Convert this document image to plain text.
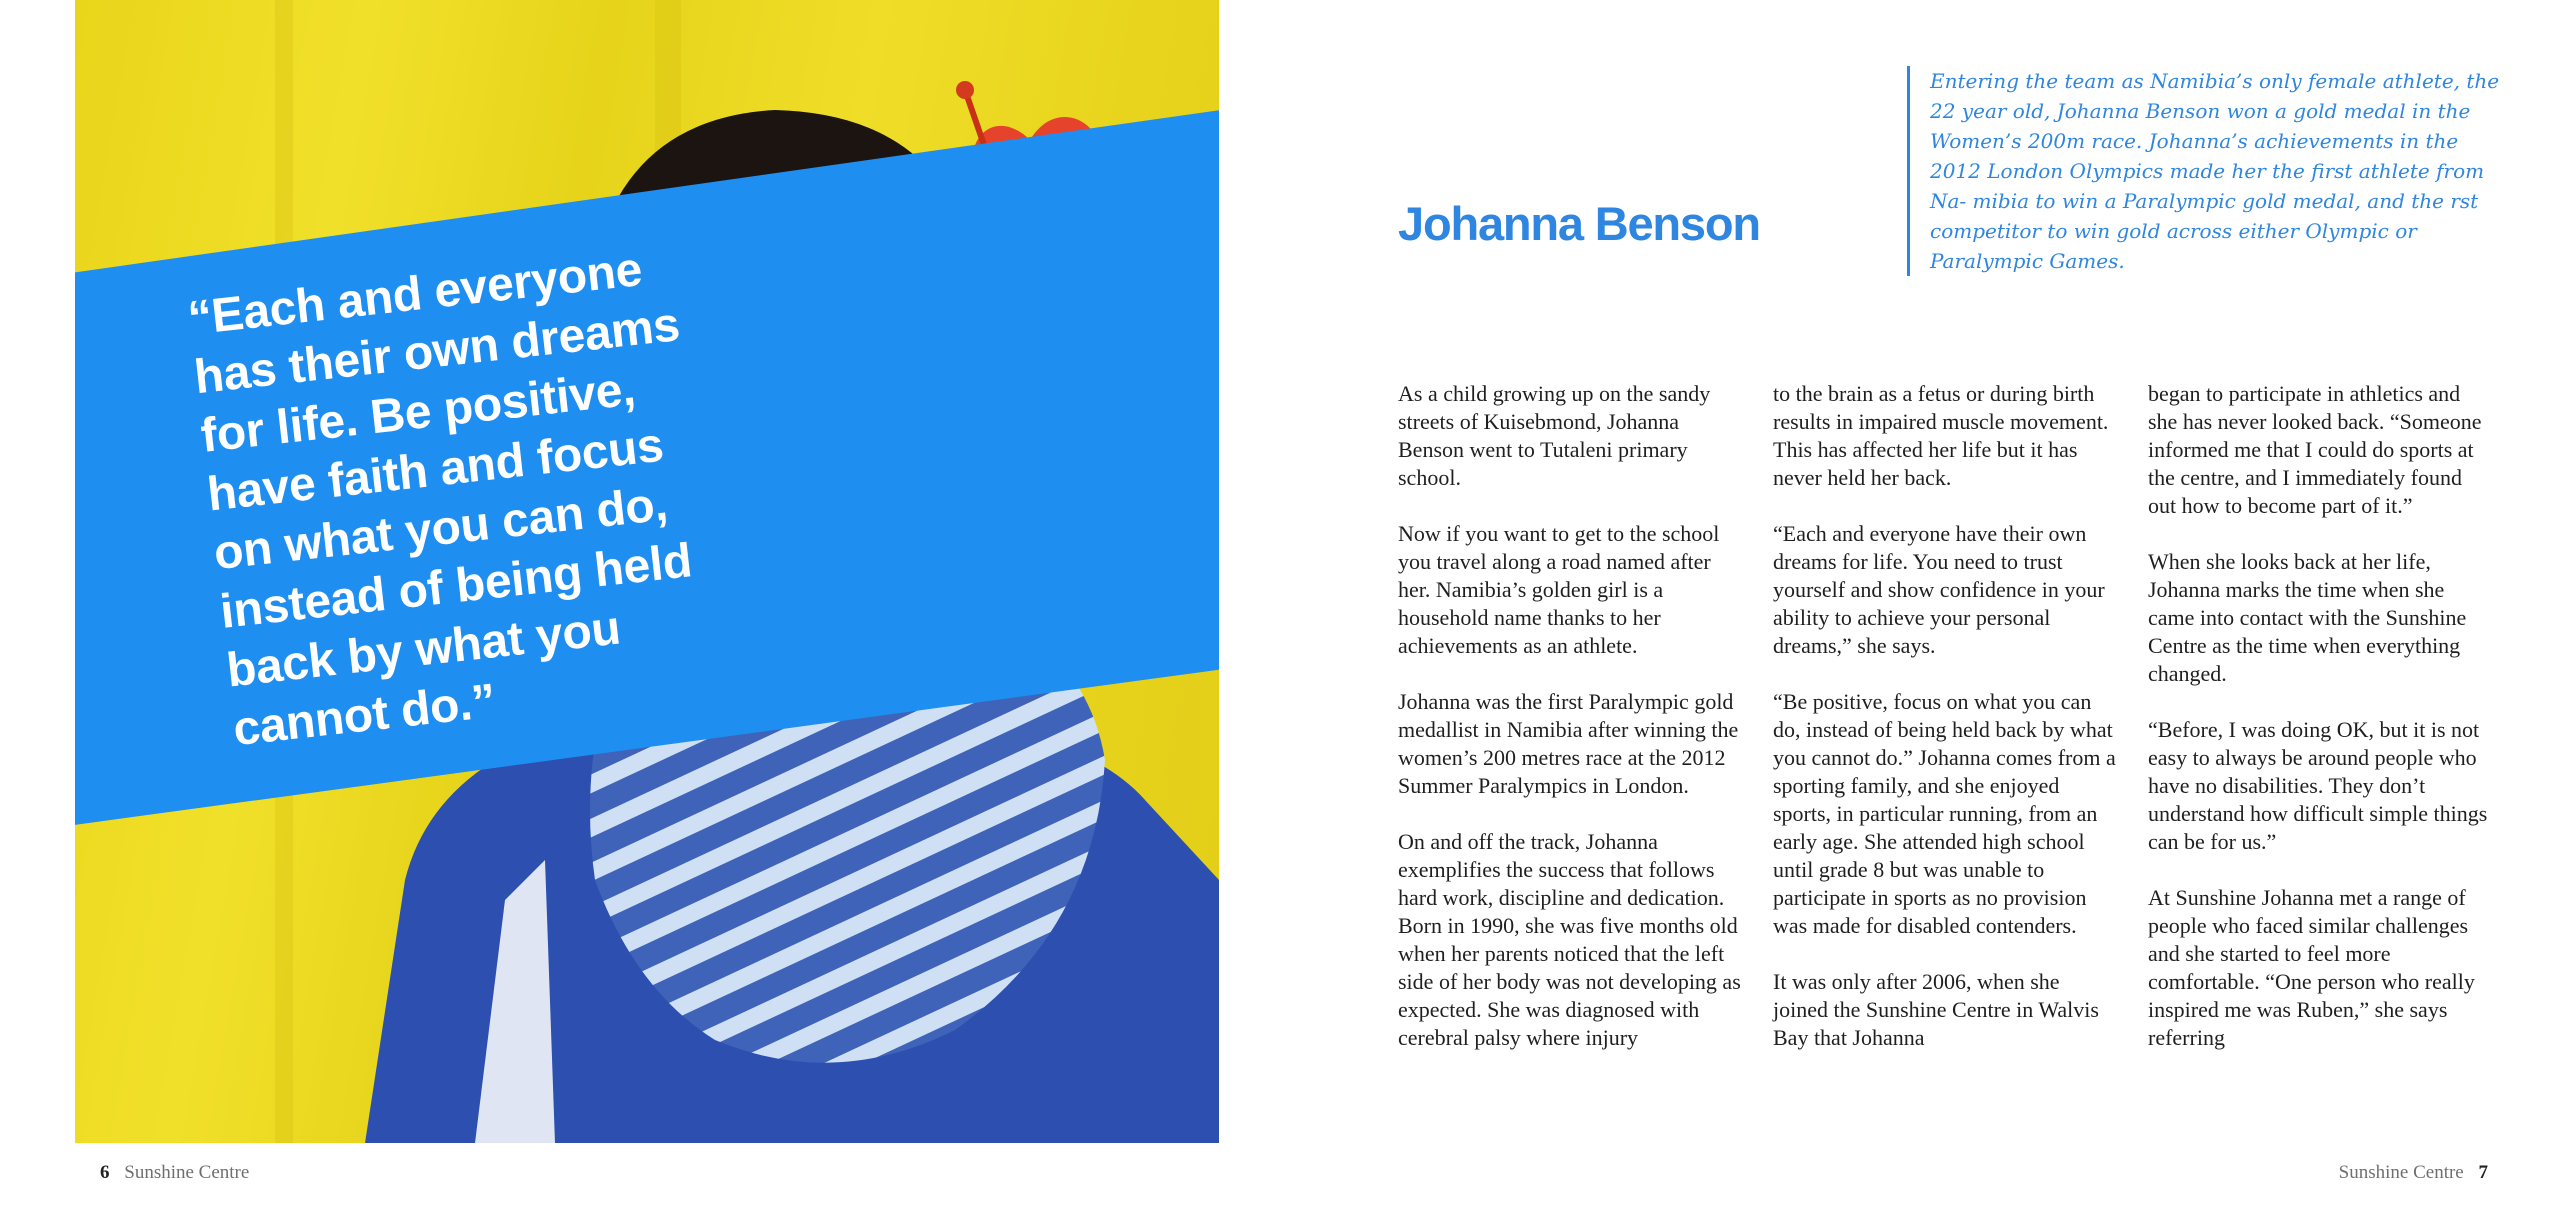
“Each and everyone has their own dreams for life. Be positive, have faith and focus on what you can do, instead of being held back by what you cannot do.”

6 Sunshine Centre
Johanna Benson

Entering the team as Namibia’s only female athlete, the 22 year old, Johanna Benson won a gold medal in the Women’s 200m race. Johanna’s achievements in the 2012 London Olympics made her the first athlete from Na- mibia to win a Paralympic gold medal, and the rst competitor to win gold across either Olympic or Paralympic Games.

As a child growing up on the sandy streets of Kuisebmond, Johanna Benson went to Tutaleni primary school.

Now if you want to get to the school you travel along a road named after her. Namibia’s golden girl is a household name thanks to her achievements as an athlete.

Johanna was the first Paralympic gold medallist in Namibia after winning the women’s 200 metres race at the 2012 Summer Paralympics in London.

On and off the track, Johanna exemplifies the success that follows hard work, discipline and dedication. Born in 1990, she was five months old when her parents noticed that the left side of her body was not developing as expected. She was diagnosed with cerebral palsy where injury

to the brain as a fetus or during birth results in impaired muscle movement. This has affected her life but it has never held her back.

“Each and everyone have their own dreams for life. You need to trust yourself and show confidence in your ability to achieve your personal dreams,” she says.

“Be positive, focus on what you can do, instead of being held back by what you cannot do.” Johanna comes from a sporting family, and she enjoyed sports, in particular running, from an early age. She attended high school until grade 8 but was unable to participate in sports as no provision was made for disabled contenders.

It was only after 2006, when she joined the Sunshine Centre in Walvis Bay that Johanna

began to participate in athletics and she has never looked back. “Someone informed me that I could do sports at the centre, and I immediately found out how to become part of it.”

When she looks back at her life, Johanna marks the time when she came into contact with the Sunshine Centre as the time when everything changed.

“Before, I was doing OK, but it is not easy to always be around people who have no disabilities. They don’t understand how difficult simple things can be for us.”

At Sunshine Johanna met a range of people who faced similar challenges and she started to feel more comfortable. “One person who really inspired me was Ruben,” she says referring

Sunshine Centre 7
